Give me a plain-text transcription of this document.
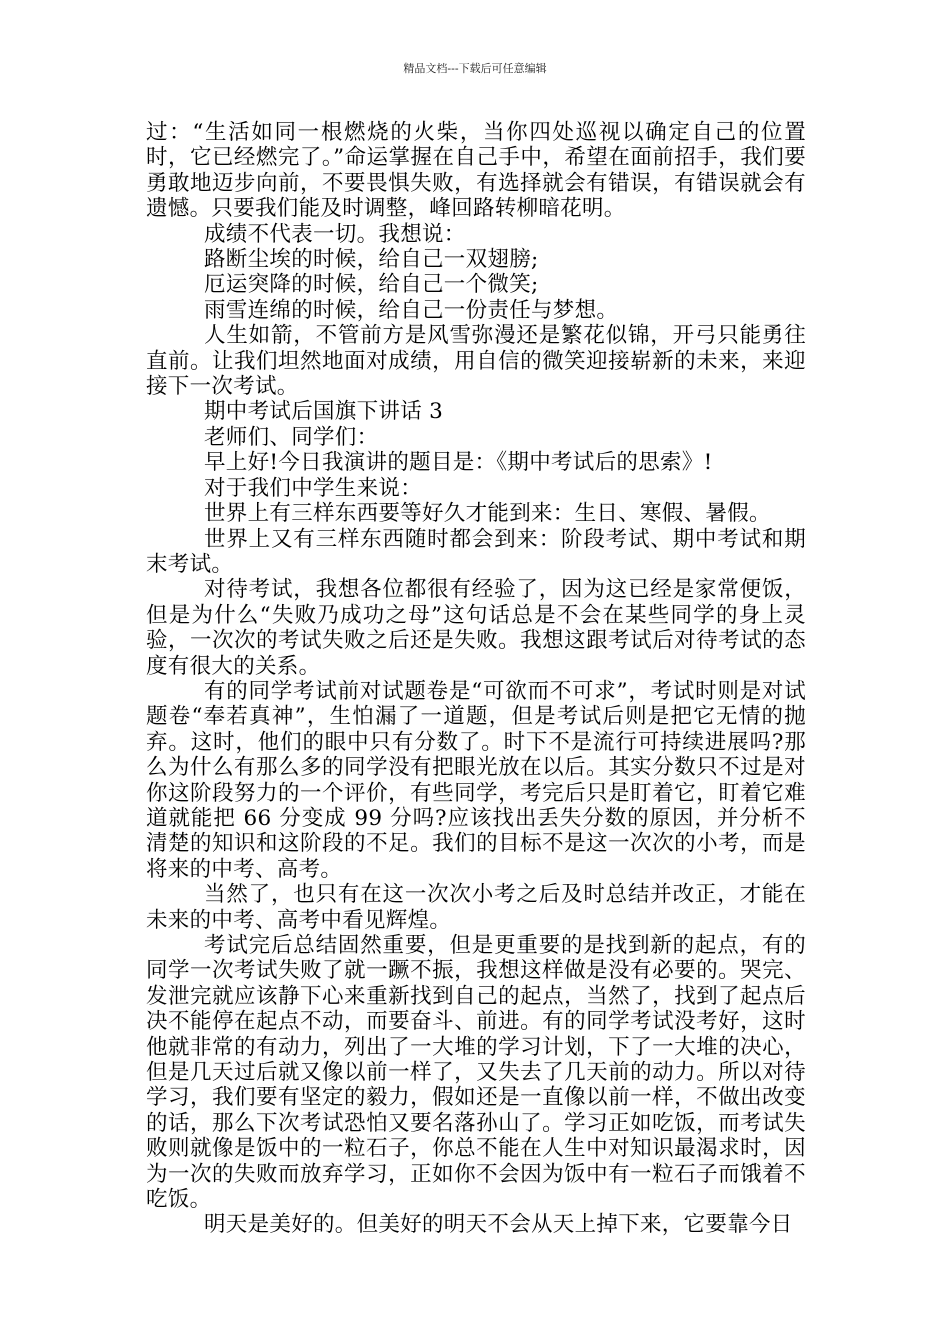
精品文档---下载后可任意编辑

过：“生活如同一根燃烧的火柴，当你四处巡视以确定自己的位置时，它已经燃完了。”命运掌握在自己手中，希望在面前招手，我们要勇敢地迈步向前，不要畏惧失败，有选择就会有错误，有错误就会有遗憾。只要我们能及时调整，峰回路转柳暗花明。

成绩不代表一切。我想说：

路断尘埃的时候，给自己一双翅膀;

厄运突降的时候，给自己一个微笑;

雨雪连绵的时候，给自己一份责任与梦想。

人生如箭，不管前方是风雪弥漫还是繁花似锦，开弓只能勇往直前。让我们坦然地面对成绩，用自信的微笑迎接崭新的未来，来迎接下一次考试。

期中考试后国旗下讲话 3

老师们、同学们：

早上好!今日我演讲的题目是：《期中考试后的思索》!

对于我们中学生来说：

世界上有三样东西要等好久才能到来：生日、寒假、暑假。

世界上又有三样东西随时都会到来：阶段考试、期中考试和期末考试。

对待考试，我想各位都很有经验了，因为这已经是家常便饭，但是为什么“失败乃成功之母”这句话总是不会在某些同学的身上灵验，一次次的考试失败之后还是失败。我想这跟考试后对待考试的态度有很大的关系。

有的同学考试前对试题卷是“可欲而不可求”，考试时则是对试题卷“奉若真神”，生怕漏了一道题，但是考试后则是把它无情的抛弃。这时，他们的眼中只有分数了。时下不是流行可持续进展吗?那么为什么有那么多的同学没有把眼光放在以后。其实分数只不过是对你这阶段努力的一个评价，有些同学，考完后只是盯着它，盯着它难道就能把 66 分变成 99 分吗?应该找出丢失分数的原因，并分析不清楚的知识和这阶段的不足。我们的目标不是这一次次的小考，而是将来的中考、高考。

当然了，也只有在这一次次小考之后及时总结并改正，才能在未来的中考、高考中看见辉煌。

考试完后总结固然重要，但是更重要的是找到新的起点，有的同学一次考试失败了就一蹶不振，我想这样做是没有必要的。哭完、发泄完就应该静下心来重新找到自己的起点，当然了，找到了起点后决不能停在起点不动，而要奋斗、前进。有的同学考试没考好，这时他就非常的有动力，列出了一大堆的学习计划，下了一大堆的决心，但是几天过后就又像以前一样了，又失去了几天前的动力。所以对待学习，我们要有坚定的毅力，假如还是一直像以前一样，不做出改变的话，那么下次考试恐怕又要名落孙山了。学习正如吃饭，而考试失败则就像是饭中的一粒石子，你总不能在人生中对知识最渴求时，因为一次的失败而放弃学习，正如你不会因为饭中有一粒石子而饿着不吃饭。

明天是美好的。但美好的明天不会从天上掉下来，它要靠今日
